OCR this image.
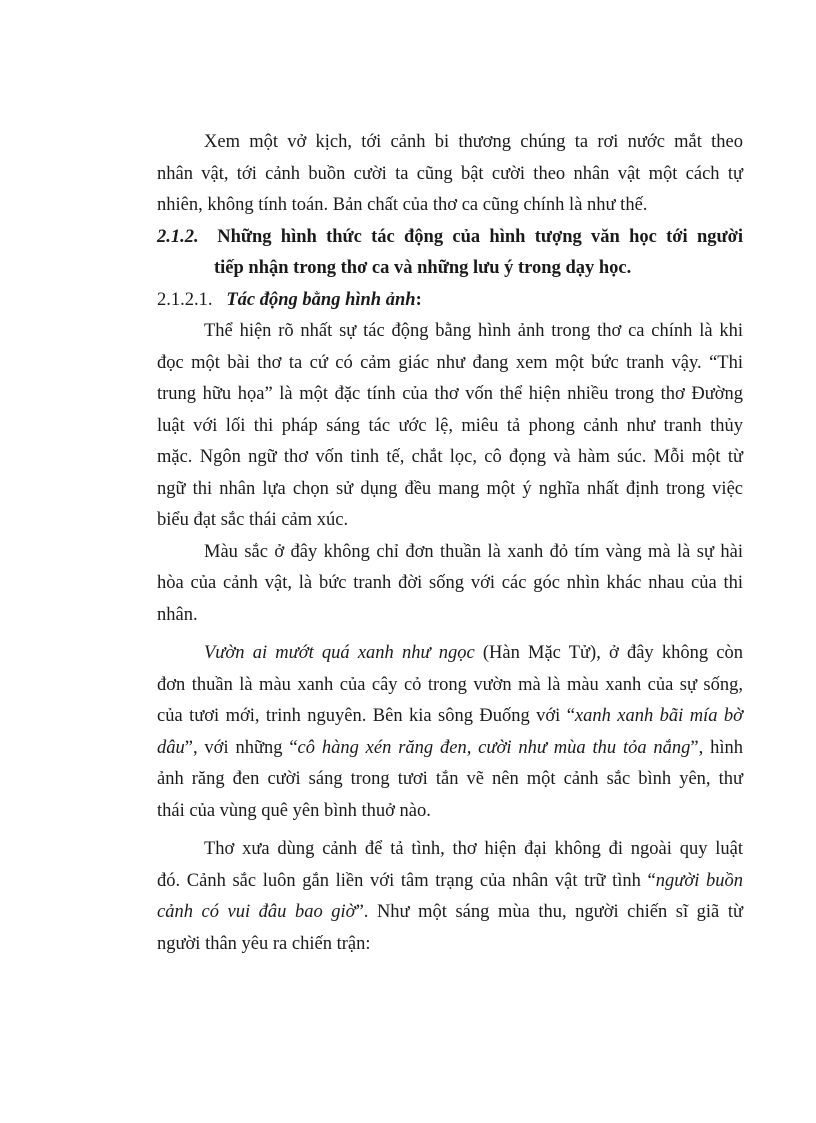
Xem một vở kịch, tới cảnh bi thương chúng ta rơi nước mắt theo
nhân vật, tới cảnh buồn cười ta cũng bật cười theo nhân vật một cách tự
nhiên, không tính toán. Bản chất của thơ ca cũng chính là như thế.
2.1.2. Những hình thức tác động của hình tượng văn học tới người
tiếp nhận trong thơ ca và những lưu ý trong dạy học.
2.1.2.1. Tác động bằng hình ảnh:
Thể hiện rõ nhất sự tác động bằng hình ảnh trong thơ ca chính là khi
đọc một bài thơ ta cứ có cảm giác như đang xem một bức tranh vậy. “Thi
trung hữu họa” là một đặc tính của thơ vốn thể hiện nhiều trong thơ Đường
luật với lối thi pháp sáng tác ước lệ, miêu tả phong cảnh như tranh thủy
mặc. Ngôn ngữ thơ vốn tinh tế, chắt lọc, cô đọng và hàm súc. Mỗi một từ
ngữ thi nhân lựa chọn sử dụng đều mang một ý nghĩa nhất định trong việc
biểu đạt sắc thái cảm xúc.
Màu sắc ở đây không chỉ đơn thuần là xanh đỏ tím vàng mà là sự hài
hòa của cảnh vật, là bức tranh đời sống với các góc nhìn khác nhau của thi
nhân.
Vườn ai mướt quá xanh như ngọc (Hàn Mặc Tử), ở đây không còn
đơn thuần là màu xanh của cây cỏ trong vườn mà là màu xanh của sự sống,
của tươi mới, trinh nguyên. Bên kia sông Đuống với “xanh xanh bãi mía bờ
dâu”, với những “cô hàng xén răng đen, cười như mùa thu tỏa nắng”, hình
ảnh răng đen cười sáng trong tươi tắn vẽ nên một cảnh sắc bình yên, thư
thái của vùng quê yên bình thuở nào.
Thơ xưa dùng cảnh để tả tình, thơ hiện đại không đi ngoài quy luật
đó. Cảnh sắc luôn gắn liền với tâm trạng của nhân vật trữ tình “người buồn
cảnh có vui đâu bao giờ”. Như một sáng mùa thu, người chiến sĩ giã từ
người thân yêu ra chiến trận:
